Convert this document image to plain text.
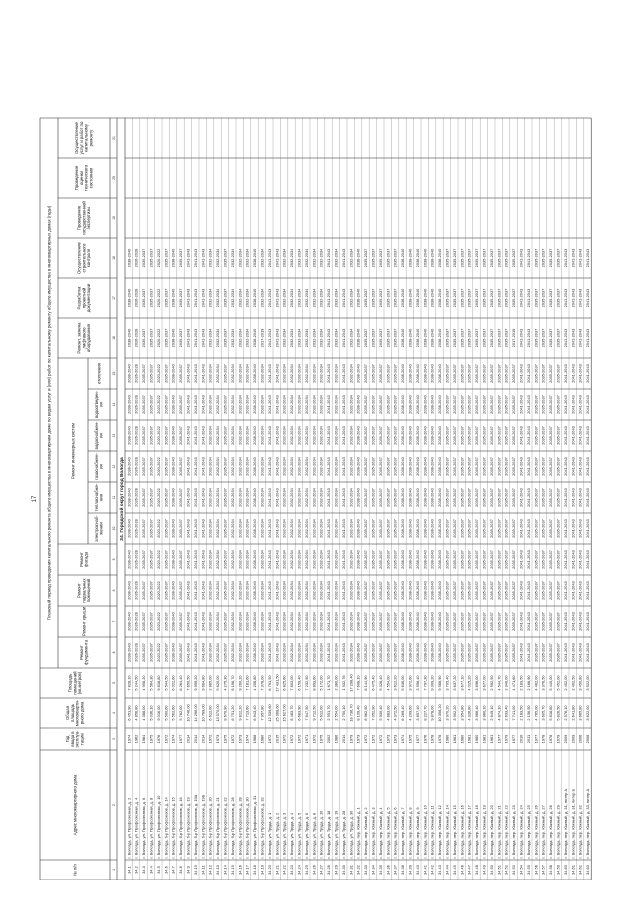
17
№ п/п
Адрес многоквартирного дома
Годввода вэксплуа-тацию
Общаяплощадьмногокварти-рного дома
Площадьпомещений(кв.метров)
Плановый период проведения капитального ремонта общего имущества в многоквартирном доме по видам услуг и (или) работ по капитальному ремонту общего имущества в многоквартирных домах (годы)
Ремонтфундамента
Ремонт крыши
Ремонтподвальныхпомещений
Ремонтфасада
Ремонт инженерных систем
Ремонт, заменалифтовогооборудования
Разработкапроектнойдокументации
Осуществлениестроительногоконтроля
Проведениегосударственнойэкспертизы
Проведениеоценкитехническогосостояния
Осуществлениеуслуг и работ покапитальномуремонту
электроснаб-жения
теплоснабже-ния
газоснабжен-ия
водоснабжен-ия
водоотведен-ия
отопления
1
2
3
4
5
6
7
8
9
10
11
12
13
14
15
16
17
18
19
20
21
34. Городской округ город Вологда
34.1
г. Вологда, ул. Профсоюзная, д. 2
1974
6 451,90
7 828,10
2038-2040
2038-2040
2038-2040
2038-2040
2038-2040
2038-2040
2038-2040
2038-2040
2038-2040
2038-2040
2038-2040
2038-2040
2038-2040
34.2
г. Вологда, ул. Профсоюзная, д. 4
1962
4 856,80
5 244,50
2026-2028
2026-2028
2026-2028
2026-2028
2026-2028
2026-2028
2026-2028
2026-2028
2026-2028
2026-2028
2026-2028
2026-2028
2026-2028
34.3
г. Вологда, ул. Профсоюзная, д. 6
1964
4 388,00
4 958,20
2035-2037
2035-2037
2035-2037
2035-2037
2035-2037
2035-2037
2035-2037
2035-2037
2035-2037
2035-2037
2035-2037
2035-2037
2035-2037
34.4
г. Вологда, ул. Профсоюзная, д. 8
1975
5 036,10
5 564,30
2035-2037
2035-2037
2035-2037
2035-2037
2035-2037
2035-2037
2035-2037
2035-2037
2035-2037
2035-2037
2035-2037
2035-2037
2035-2037
34.5
г. Вологда, ул. Профсоюзная, д. 10
1976
9 016,00
9 818,80
2020-2022
2020-2022
2020-2022
2020-2022
2020-2022
2020-2022
2020-2022
2020-2022
2020-2022
2020-2022
2020-2022
2020-2022
2020-2022
34.6
г. Вологда, б-р Профсоюзов, д. 14
1972
5 500,60
5 544,50
2035-2037
2035-2037
2035-2037
2035-2037
2035-2037
2035-2037
2035-2037
2035-2037
2035-2037
2035-2037
2035-2037
2035-2037
2035-2037
34.7
г. Вологда, б-р Профсоюзов, д. 15
1974
5 562,60
6 022,60
2038-2040
2038-2040
2038-2040
2038-2040
2038-2040
2038-2040
2038-2040
2038-2040
2038-2040
2038-2040
2038-2040
2038-2040
2038-2040
34.8
г. Вологда, б-р Профсоюзов, д. 16
1977
5 782,00
6 264,40
2035-2037
2035-2037
2035-2037
2035-2037
2035-2037
2035-2037
2035-2037
2035-2037
2035-2037
2035-2037
2035-2037
2035-2037
2035-2037
34.9
г. Вологда, б-р Профсоюзов, д. 19
2014
10 746,00
7 650,50
2041-2043
2041-2043
2041-2043
2041-2043
2041-2043
2041-2043
2041-2043
2041-2043
2041-2043
2041-2043
2041-2043
2041-2043
2041-2043
34.10
г. Вологда, б-р Профсоюзов, д. 19А
2014
14 296,00
9 959,20
2041-2043
2041-2043
2041-2043
2041-2043
2041-2043
2041-2043
2041-2043
2041-2043
2041-2043
2041-2043
2041-2043
2041-2043
2041-2043
34.11
г. Вологда, б-р Профсоюзов, д. 19Б
2014
10 789,00
9 664,80
2041-2043
2041-2043
2041-2043
2041-2043
2041-2043
2041-2043
2041-2043
2041-2043
2041-2043
2041-2043
2041-2043
2041-2043
2041-2043
34.12
г. Вологда, б-р Профсоюзов, д. 20
1972
6 612,00
2 865,00
2032-2034
2032-2034
2032-2034
2032-2034
2032-2034
2032-2034
2032-2034
2032-2034
2032-2034
2032-2034
2032-2034
2032-2034
2032-2034
34.13
г. Вологда, б-р Профсоюзов, д. 21
1973
13 070,00
5 620,00
2032-2034
2032-2034
2032-2034
2032-2034
2032-2034
2032-2034
2032-2034
2032-2034
2032-2034
2032-2034
2032-2034
2032-2034
2032-2034
34.14
г. Вологда, б-р Профсоюзов, д. 22
1975
8 670,90
4 275,30
2035-2037
2035-2037
2035-2037
2035-2037
2035-2037
2035-2037
2035-2037
2035-2037
2035-2037
2035-2037
2035-2037
2035-2037
2035-2037
34.15
г. Вологда, б-р Профсоюзов, д. 26
1972
8 751,20
8 198,70
2032-2034
2032-2034
2032-2034
2032-2034
2032-2034
2032-2034
2032-2034
2032-2034
2032-2034
2032-2034
2032-2034
2032-2034
2032-2034
34.16
г. Вологда, б-р Профсоюзов, д. 28
1973
9 812,20
9 260,20
2032-2034
2032-2034
2032-2034
2032-2034
2032-2034
2032-2034
2032-2034
2032-2034
2032-2034
2032-2034
2032-2034
2032-2034
2032-2034
34.17
г. Вологда, б-р Профсоюзов, д. 30
1974
7 713,60
7 181,60
2032-2034
2032-2034
2032-2034
2032-2034
2032-2034
2032-2034
2032-2034
2032-2034
2032-2034
2032-2034
2032-2034
2032-2034
2032-2034
34.18
г. Вологда, ул. Профсоюзная, д. 31
1988
6 943,40
4 208,80
2038-2040
2038-2040
2038-2040
2038-2040
2038-2040
2038-2040
2038-2040
2038-2040
2038-2040
2038-2040
2038-2040
2038-2040
2038-2040
34.19
г. Вологда, б-р Профсоюзов, д. 32
1980
7 957,80
7 378,00
2032-2034
2032-2034
2032-2034
2032-2034
2032-2034
2032-2034
2032-2034
2032-2034
2032-2034
2032-2034
2017-2019
2032-2034
2032-2034
34.20
г. Вологда, ул. Труда, д. 1
1972
12 539,60
6 791,50
2041-2043
2041-2043
2041-2043
2041-2043
2041-2043
2041-2043
2041-2043
2041-2043
2041-2043
2041-2043
2041-2043
2041-2043
2041-2043
34.21
г. Вологда, ул. Труда, д. 2
2015
25 068,60
17 431,50
2041-2043
2041-2043
2041-2043
2041-2043
2041-2043
2041-2043
2041-2043
2041-2043
2041-2043
2041-2043
2041-2043
2041-2043
2041-2043
34.22
г. Вологда, ул. Труда, д. 3
1972
15 627,00
6 825,60
2032-2034
2032-2034
2032-2034
2032-2034
2032-2034
2032-2034
2032-2034
2032-2034
2032-2034
2032-2034
2032-2034
2032-2034
2032-2034
34.23
г. Вологда, ул. Труда, д. 4
1972
8 483,70
7 803,00
2032-2034
2032-2034
2032-2034
2032-2034
2032-2034
2032-2034
2032-2034
2032-2034
2032-2034
2032-2034
2032-2034
2032-2034
2032-2034
34.24
г. Вологда, ул. Труда, д. 5
1972
6 683,90
6 159,40
2032-2034
2032-2034
2032-2034
2032-2034
2032-2034
2032-2034
2032-2034
2032-2034
2032-2034
2032-2034
2032-2034
2032-2034
2032-2034
34.25
г. Вологда, ул. Труда, д. 6
1971
7 847,50
7 232,50
2032-2034
2032-2034
2032-2034
2032-2034
2032-2034
2032-2034
2032-2034
2032-2034
2032-2034
2032-2034
2032-2034
2032-2034
2032-2034
34.26
г. Вологда, ул. Труда, д. 8
1972
9 712,50
8 893,60
2032-2034
2032-2034
2032-2034
2032-2034
2032-2034
2032-2034
2032-2034
2032-2034
2032-2034
2032-2034
2032-2034
2032-2034
2032-2034
34.27
г. Вологда, ул. Труда, д. 10
1975
5 612,00
5 172,00
2032-2034
2032-2034
2032-2034
2032-2034
2032-2034
2032-2034
2032-2034
2032-2034
2032-2034
2032-2034
2032-2034
2032-2034
2032-2034
34.28
г. Вологда, ул. Труда, д. 18
2002
2 551,70
1 671,70
2041-2043
2041-2043
2041-2043
2041-2043
2041-2043
2041-2043
2041-2043
2041-2043
2041-2043
2041-2043
2041-2043
2041-2043
2041-2043
34.29
г. Вологда, ул. Труда, д. 19
1986
2 554,00
2 380,00
2032-2034
2032-2034
2032-2034
2032-2034
2032-2034
2032-2034
2032-2034
2032-2034
2032-2034
2032-2034
2032-2034
2032-2034
2032-2034
34.30
г. Вологда, ул. Труда, д. 28
2014
2 750,10
1 532,76
2041-2043
2041-2043
2041-2043
2041-2043
2041-2043
2041-2043
2041-2043
2041-2043
2041-2043
2041-2043
2041-2043
2041-2043
2041-2043
34.31
г. Вологда, ул. Труда, д. 30
1979
18 736,70
17 298,40
2032-2034
2032-2034
2032-2034
2032-2034
2032-2034
2032-2034
2032-2034
2032-2034
2032-2034
2032-2034
2032-2034
2032-2034
2032-2034
34.32
г. Вологда, пер. Южный, д. 1
1973
8 109,40
7 608,10
2038-2040
2038-2040
2038-2040
2038-2040
2038-2040
2038-2040
2038-2040
2038-2040
2038-2040
2038-2040
2038-2040
2038-2040
2038-2040
34.33
г. Вологда, пер. Южный, д. 2
1972
8 962,50
8 144,90
2035-2037
2035-2037
2035-2037
2035-2037
2035-2037
2035-2037
2035-2037
2035-2037
2035-2037
2035-2037
2035-2037
2035-2037
2035-2037
34.34
г. Вологда, пер. Южный, д. 3
1972
7 052,90
6 475,40
2035-2037
2035-2037
2035-2037
2035-2037
2035-2037
2035-2037
2035-2037
2035-2037
2035-2037
2035-2037
2035-2037
2035-2037
2035-2037
34.35
г. Вологда, пер. Южный, д. 4
1972
5 930,40
5 328,40
2035-2037
2035-2037
2035-2037
2035-2037
2035-2037
2035-2037
2035-2037
2035-2037
2035-2037
2035-2037
2035-2037
2035-2037
2035-2037
34.36
г. Вологда, пер. Южный, д. 5
1973
4 883,00
4 554,00
2035-2037
2035-2037
2035-2037
2035-2037
2035-2037
2035-2037
2035-2037
2035-2037
2035-2037
2035-2037
2035-2037
2035-2037
2035-2037
34.37
г. Вологда, пер. Южный, д. 6
1973
4 372,50
3 612,20
2035-2037
2035-2037
2035-2037
2035-2037
2035-2037
2035-2037
2035-2037
2035-2037
2035-2037
2035-2037
2035-2037
2035-2037
2035-2037
34.38
г. Вологда, пер. Южный, д. 7
1974
6 269,40
5 638,00
2038-2040
2038-2040
2038-2040
2038-2040
2038-2040
2038-2040
2038-2040
2038-2040
2038-2040
2038-2040
2038-2040
2038-2040
2038-2040
34.39
г. Вологда, пер. Южный, д. 8
1975
4 209,60
3 972,60
2038-2040
2038-2040
2038-2040
2038-2040
2038-2040
2038-2040
2038-2040
2038-2040
2038-2040
2038-2040
2038-2040
2038-2040
2038-2040
34.40
г. Вологда, пер. Южный, д. 9
1977
3 857,40
3 556,40
2038-2040
2038-2040
2038-2040
2038-2040
2038-2040
2038-2040
2038-2040
2038-2040
2038-2040
2038-2040
2038-2040
2038-2040
2038-2040
34.41
г. Вологда, пер. Южный, д. 10
1976
8 227,70
7 797,30
2038-2040
2038-2040
2038-2040
2038-2040
2038-2040
2038-2040
2038-2040
2038-2040
2038-2040
2038-2040
2038-2040
2038-2040
2038-2040
34.42
г. Вологда, пер. Южный, д. 11
1978
9 878,00
9 309,20
2038-2040
2038-2040
2038-2040
2038-2040
2038-2040
2038-2040
2038-2040
2038-2040
2038-2040
2038-2040
2038-2040
2038-2040
2038-2040
34.43
г. Вологда, пер. Южный, д. 12
1978
10 358,20
9 588,90
2038-2040
2038-2040
2038-2040
2038-2040
2038-2040
2038-2040
2038-2040
2038-2040
2038-2040
2038-2040
2038-2040
2038-2040
2038-2040
34.44
г. Вологда, пер. Южный, д. 14
1980
3 970,20
3 705,40
2035-2037
2035-2037
2035-2037
2035-2037
2035-2037
2035-2037
2035-2037
2035-2037
2035-2037
2035-2037
2035-2037
2035-2037
2035-2037
34.45
г. Вологда, пер. Южный, д. 15
1981
3 902,20
3 637,20
2035-2037
2035-2037
2035-2037
2035-2037
2035-2037
2035-2037
2035-2037
2035-2037
2035-2037
2035-2037
2035-2037
2035-2037
2035-2037
34.46
г. Вологда, пер. Южный, д. 16
1980
3 954,80
3 677,10
2035-2037
2035-2037
2035-2037
2035-2037
2035-2037
2035-2037
2035-2037
2035-2037
2035-2037
2035-2037
2035-2037
2035-2037
2035-2037
34.47
г. Вологда, пер. Южный, д. 17
1981
4 326,80
4 015,20
2035-2037
2035-2037
2035-2037
2035-2037
2035-2037
2035-2037
2035-2037
2035-2037
2035-2037
2035-2037
2035-2037
2035-2037
2035-2037
34.48
г. Вологда, пер. Южный, д. 18
1980
3 966,40
3 696,00
2035-2037
2035-2037
2035-2037
2035-2037
2035-2037
2035-2037
2035-2037
2035-2037
2035-2037
2035-2037
2035-2037
2035-2037
2035-2037
34.49
г. Вологда, пер. Южный, д. 19
1981
3 960,10
3 677,00
2035-2037
2035-2037
2035-2037
2035-2037
2035-2037
2035-2037
2035-2037
2035-2037
2035-2037
2035-2037
2035-2037
2035-2037
2035-2037
34.50
г. Вологда, пер. Южный, д. 20
1981
2 849,10
2 592,50
2035-2037
2035-2037
2035-2037
2035-2037
2035-2037
2035-2037
2035-2037
2035-2037
2035-2037
2035-2037
2035-2037
2035-2037
2035-2037
34.51
г. Вологда, пер. Южный, д. 21
1977
4 874,10
4 544,70
2035-2037
2035-2037
2035-2037
2035-2037
2035-2037
2035-2037
2035-2037
2035-2037
2035-2037
2035-2037
2035-2037
2035-2037
2035-2037
34.52
г. Вологда, пер. Южный, д. 22
1979
2 633,40
2 340,00
2035-2037
2035-2037
2035-2037
2035-2037
2035-2037
2035-2037
2035-2037
2035-2037
2035-2037
2035-2037
2035-2037
2035-2037
2035-2037
34.53
г. Вологда, пер. Южный, д. 23
1977
7 741,00
4 471,60
2035-2037
2035-2037
2035-2037
2035-2037
2035-2037
2035-2037
2035-2037
2035-2037
2035-2037
2035-2037
2017-2019
2035-2037
2035-2037
34.54
г. Вологда, пер. Южный, д. 24
2010
2 183,50
2 183,50
2041-2043
2041-2043
2041-2043
2041-2043
2041-2043
2041-2043
2041-2043
2041-2043
2041-2043
2041-2043
2041-2043
2041-2043
2041-2043
34.55
г. Вологда, пер. Южный, д. 25
2011
2 156,50
2 166,90
2041-2043
2041-2043
2041-2043
2041-2043
2041-2043
2041-2043
2041-2043
2041-2043
2041-2043
2041-2043
2041-2043
2041-2043
2041-2043
34.56
г. Вологда, пер. Южный, д. 26
1977
4 765,00
4 462,00
2035-2037
2035-2037
2035-2037
2035-2037
2035-2037
2035-2037
2035-2037
2035-2037
2035-2037
2035-2037
2035-2037
2035-2037
2035-2037
34.57
г. Вологда, пер. Южный, д. 27
1978
3 605,70
3 376,50
2035-2037
2035-2037
2035-2037
2035-2037
2035-2037
2035-2037
2035-2037
2035-2037
2035-2037
2035-2037
2035-2037
2035-2037
2035-2037
34.58
г. Вологда, пер. Южный, д. 28
1978
5 818,80
5 440,00
2035-2037
2035-2037
2035-2037
2035-2037
2035-2037
2035-2037
2035-2037
2035-2037
2035-2037
2035-2037
2035-2037
2035-2037
2035-2037
34.59
г. Вологда, пер. Южный, д. 29
1979
5 826,50
5 452,00
2035-2037
2035-2037
2035-2037
2035-2037
2035-2037
2035-2037
2035-2037
2035-2037
2035-2037
2035-2037
2035-2037
2035-2037
2035-2037
34.60
г. Вологда, пер. Южный, д. 31, литер А
2009
2 576,10
2 452,00
2041-2043
2041-2043
2041-2043
2041-2043
2041-2043
2041-2043
2041-2043
2041-2043
2041-2043
2041-2043
2041-2043
2041-2043
2041-2043
34.61
г. Вологда, пер. Южный, д. 31, литер Б
2009
2 641,80
2 402,50
2041-2043
2041-2043
2041-2043
2041-2043
2041-2043
2041-2043
2041-2043
2041-2043
2041-2043
2041-2043
2041-2043
2041-2043
2041-2043
34.62
г. Вологда, пер. Южный, д. 32
2006
3 665,80
3 450,80
2041-2043
2041-2043
2041-2043
2041-2043
2041-2043
2041-2043
2041-2043
2041-2043
2041-2043
2041-2043
2041-2043
2041-2043
2041-2043
34.63
г. Вологда, пер. Южный, д. 33, литер А
2008
3 622,00
3 522,00
2041-2043
2041-2043
2041-2043
2041-2043
2041-2043
2041-2043
2041-2043
2041-2043
2041-2043
2041-2043
2041-2043
2041-2043
2041-2043
